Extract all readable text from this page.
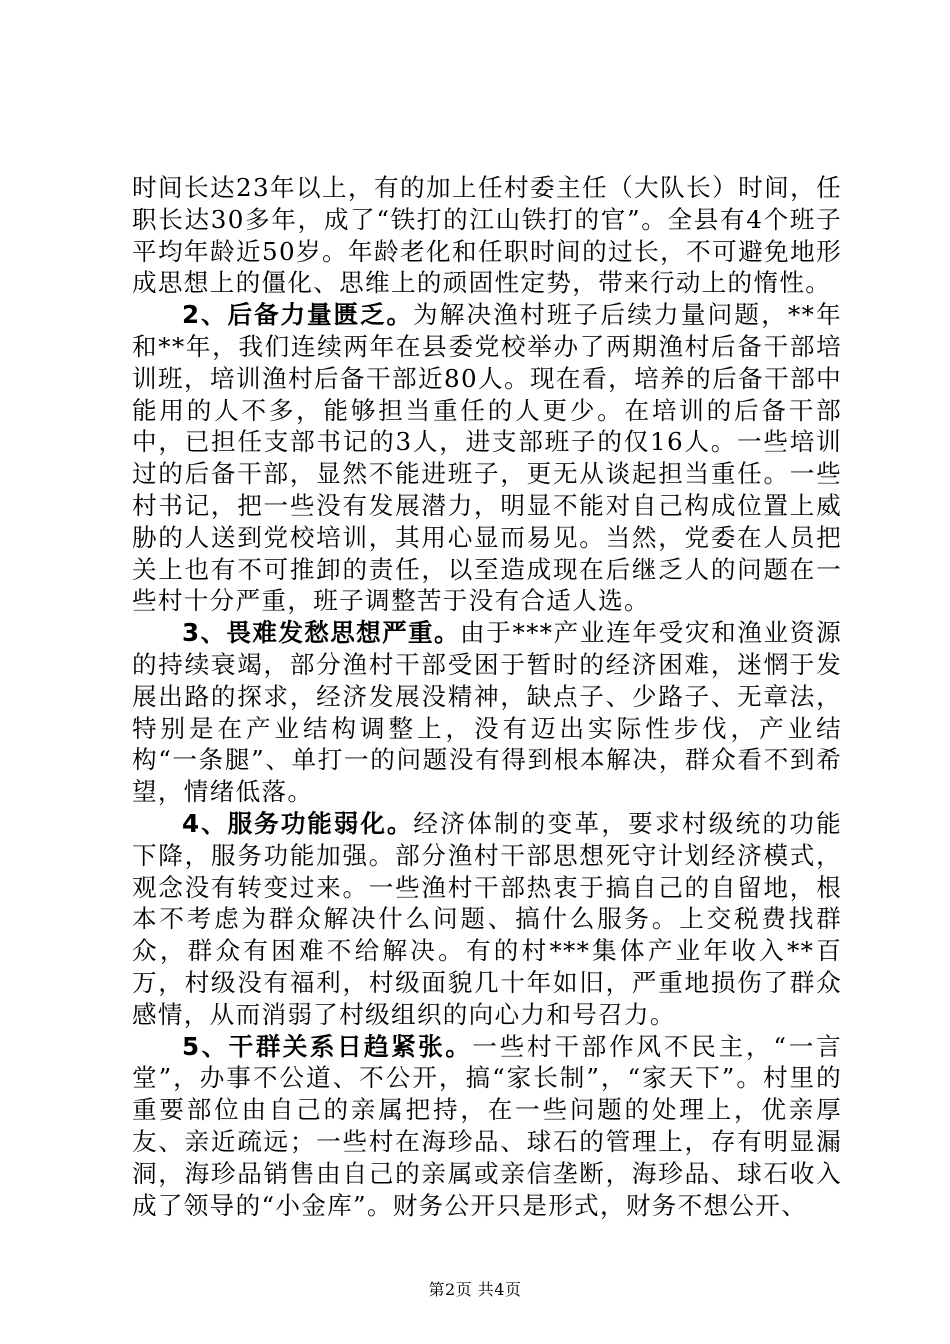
时间长达23年以上，有的加上任村委主任（大队长）时间，任职长达30多年，成了“铁打的江山铁打的官”。全县有4个班子平均年龄近50岁。年龄老化和任职时间的过长，不可避免地形成思想上的僵化、思维上的顽固性定势，带来行动上的惰性。

2、后备力量匮乏。为解决渔村班子后续力量问题，**年和**年，我们连续两年在县委党校举办了两期渔村后备干部培训班，培训渔村后备干部近80人。现在看，培养的后备干部中能用的人不多，能够担当重任的人更少。在培训的后备干部中，已担任支部书记的3人，进支部班子的仅16人。一些培训过的后备干部，显然不能进班子，更无从谈起担当重任。一些村书记，把一些没有发展潜力，明显不能对自己构成位置上威胁的人送到党校培训，其用心显而易见。当然，党委在人员把关上也有不可推卸的责任，以至造成现在后继乏人的问题在一些村十分严重，班子调整苦于没有合适人选。

3、畏难发愁思想严重。由于***产业连年受灾和渔业资源的持续衰竭，部分渔村干部受困于暂时的经济困难，迷惘于发展出路的探求，经济发展没精神，缺点子、少路子、无章法，特别是在产业结构调整上，没有迈出实际性步伐，产业结构“一条腿”、单打一的问题没有得到根本解决，群众看不到希望，情绪低落。

4、服务功能弱化。经济体制的变革，要求村级统的功能下降，服务功能加强。部分渔村干部思想死守计划经济模式，观念没有转变过来。一些渔村干部热衷于搞自己的自留地，根本不考虑为群众解决什么问题、搞什么服务。上交税费找群众，群众有困难不给解决。有的村***集体产业年收入**百万，村级没有福利，村级面貌几十年如旧，严重地损伤了群众感情，从而消弱了村级组织的向心力和号召力。

5、干群关系日趋紧张。一些村干部作风不民主，“一言堂”，办事不公道、不公开，搞“家长制”，“家天下”。村里的重要部位由自己的亲属把持，在一些问题的处理上，优亲厚友、亲近疏远；一些村在海珍品、球石的管理上，存有明显漏洞，海珍品销售由自己的亲属或亲信垄断，海珍品、球石收入成了领导的“小金库”。财务公开只是形式，财务不想公开、

第2页 共4页
